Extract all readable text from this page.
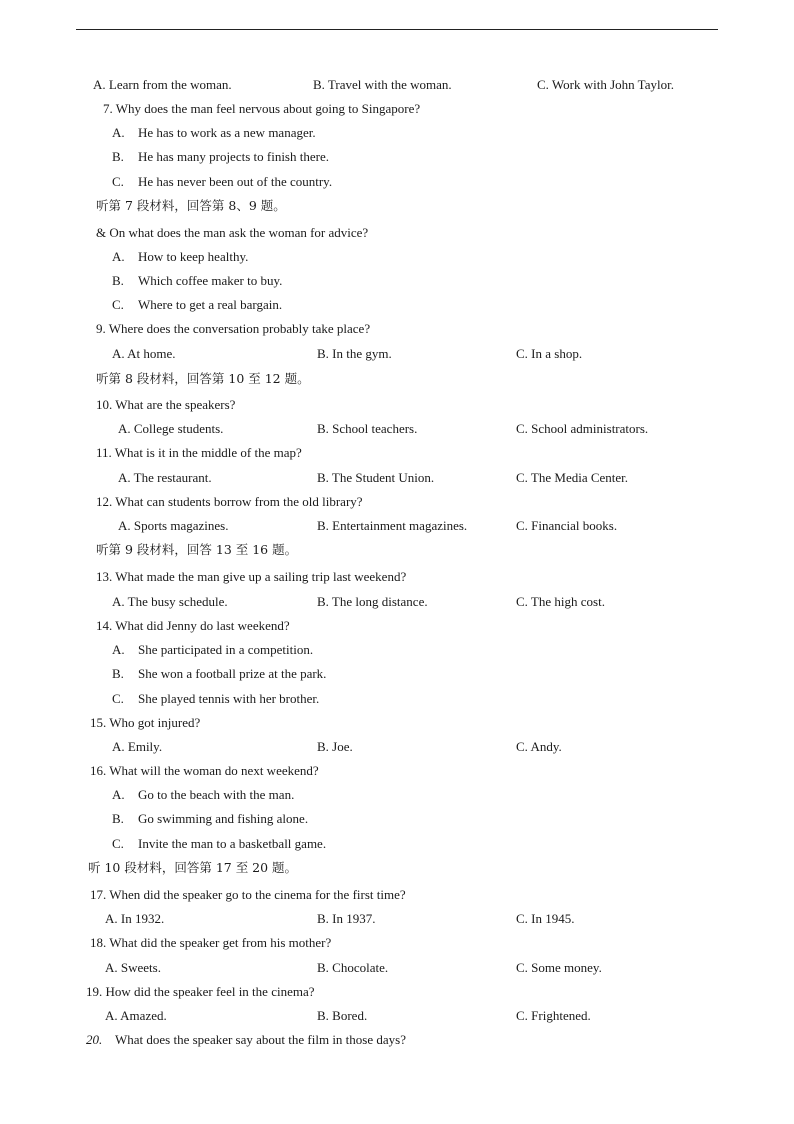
A. Learn from the woman.	B. Travel with the woman.	C. Work with John Taylor.
7. Why does the man feel nervous about going to Singapore?
A. He has to work as a new manager.
B. He has many projects to finish there.
C. He has never been out of the country.
听第 7 段材料，回答第 8、9 题。
& On what does the man ask the woman for advice?
A. How to keep healthy.
B. Which coffee maker to buy.
C. Where to get a real bargain.
9. Where does the conversation probably take place?
A. At home.	B. In the gym.	C. In a shop.
听第 8 段材料，回答第 10 至 12 题。
10. What are the speakers?
A. College students.	B. School teachers.	C. School administrators.
11. What is it in the middle of the map?
A. The restaurant.	B. The Student Union.	C. The Media Center.
12. What can students borrow from the old library?
A. Sports magazines.	B. Entertainment magazines.	C. Financial books.
听第 9 段材料，回答 13 至 16 题。
13. What made the man give up a sailing trip last weekend?
A. The busy schedule.	B. The long distance.	C. The high cost.
14. What did Jenny do last weekend?
A. She participated in a competition.
B. She won a football prize at the park.
C. She played tennis with her brother.
15. Who got injured?
A. Emily.	B. Joe.	C. Andy.
16. What will the woman do next weekend?
A. Go to the beach with the man.
B. Go swimming and fishing alone.
C. Invite the man to a basketball game.
听 10 段材料，回答第 17 至 20 题。
17. When did the speaker go to the cinema for the first time?
A. In 1932.	B. In 1937.	C. In 1945.
18. What did the speaker get from his mother?
A. Sweets.	B. Chocolate.	C. Some money.
19. How did the speaker feel in the cinema?
A. Amazed.	B. Bored.	C. Frightened.
20. What does the speaker say about the film in those days?
